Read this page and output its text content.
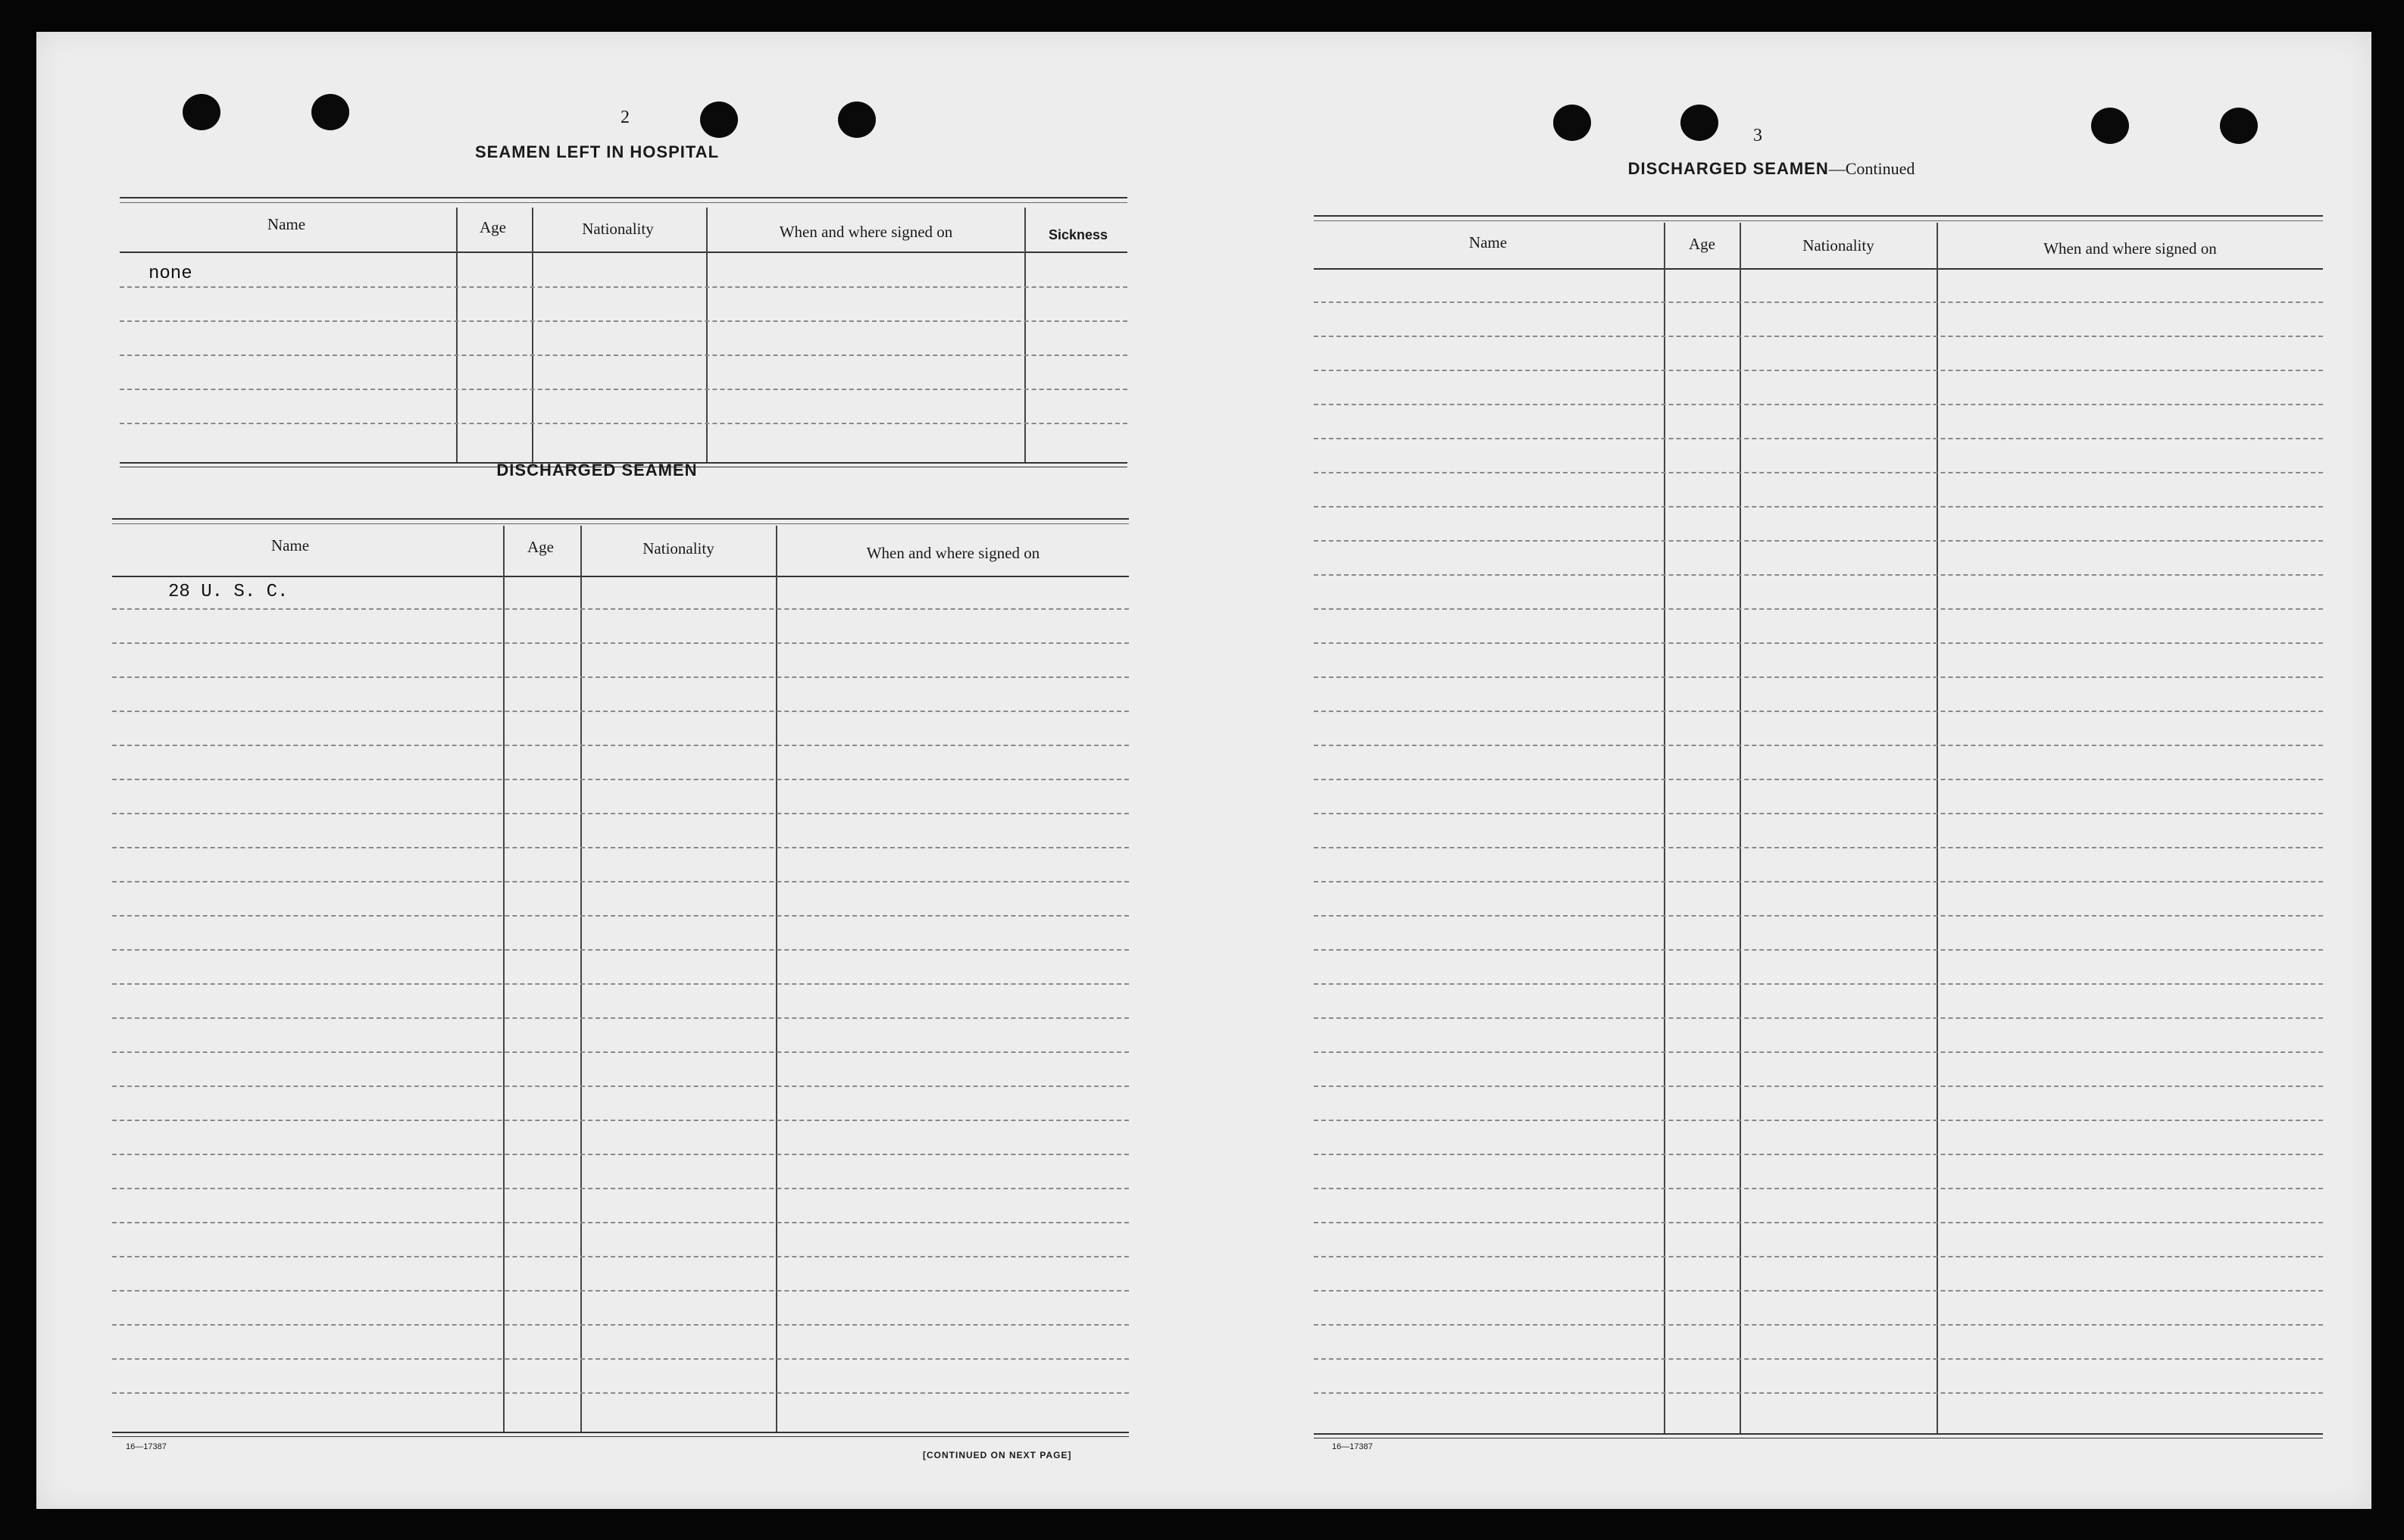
2
SEAMEN LEFT IN HOSPITAL
Name	Age	Nationality	When and where signed on	Sickness
none
DISCHARGED SEAMEN
Name	Age	Nationality	When and where signed on
28 U. S. C.
16—17387
[CONTINUED ON NEXT PAGE]
3
DISCHARGED SEAMEN—Continued
Name	Age	Nationality	When and where signed on
16—17387
